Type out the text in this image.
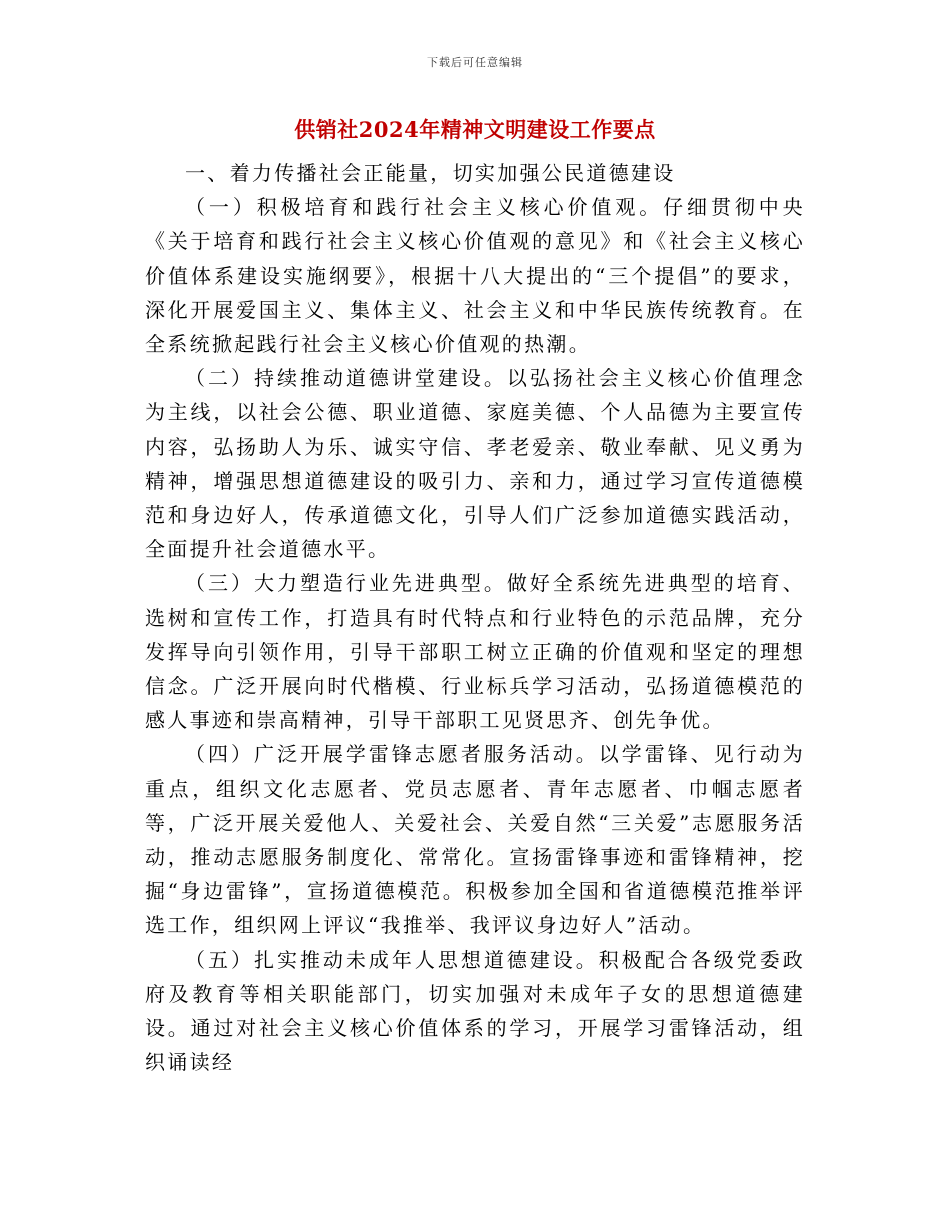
下载后可任意编辑
供销社2024年精神文明建设工作要点

一、着力传播社会正能量，切实加强公民道德建设

（一）积极培育和践行社会主义核心价值观。仔细贯彻中央《关于培育和践行社会主义核心价值观的意见》和《社会主义核心价值体系建设实施纲要》，根据十八大提出的“三个提倡”的要求，深化开展爱国主义、集体主义、社会主义和中华民族传统教育。在全系统掀起践行社会主义核心价值观的热潮。

（二）持续推动道德讲堂建设。以弘扬社会主义核心价值理念为主线，以社会公德、职业道德、家庭美德、个人品德为主要宣传内容，弘扬助人为乐、诚实守信、孝老爱亲、敬业奉献、见义勇为精神，增强思想道德建设的吸引力、亲和力，通过学习宣传道德模范和身边好人，传承道德文化，引导人们广泛参加道德实践活动，全面提升社会道德水平。

（三）大力塑造行业先进典型。做好全系统先进典型的培育、选树和宣传工作，打造具有时代特点和行业特色的示范品牌，充分发挥导向引领作用，引导干部职工树立正确的价值观和坚定的理想信念。广泛开展向时代楷模、行业标兵学习活动，弘扬道德模范的感人事迹和崇高精神，引导干部职工见贤思齐、创先争优。

（四）广泛开展学雷锋志愿者服务活动。以学雷锋、见行动为重点，组织文化志愿者、党员志愿者、青年志愿者、巾帼志愿者等，广泛开展关爱他人、关爱社会、关爱自然“三关爱”志愿服务活动，推动志愿服务制度化、常常化。宣扬雷锋事迹和雷锋精神，挖掘“身边雷锋”，宣扬道德模范。积极参加全国和省道德模范推举评选工作，组织网上评议“我推举、我评议身边好人”活动。

（五）扎实推动未成年人思想道德建设。积极配合各级党委政府及教育等相关职能部门，切实加强对未成年子女的思想道德建设。通过对社会主义核心价值体系的学习，开展学习雷锋活动，组织诵读经
